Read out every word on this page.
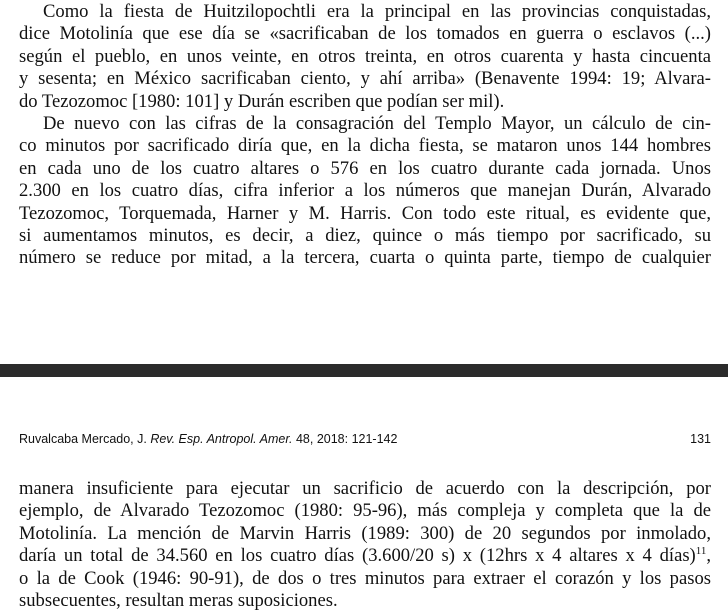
Como la fiesta de Huitzilopochtli era la principal en las provincias conquistadas,
dice Motolinía que ese día se «sacrificaban de los tomados en guerra o esclavos (...)
según el pueblo, en unos veinte, en otros treinta, en otros cuarenta y hasta cincuenta
y sesenta; en México sacrificaban ciento, y ahí arriba» (Benavente 1994: 19; Alvara-
do Tezozomoc [1980: 101] y Durán escriben que podían ser mil).
De nuevo con las cifras de la consagración del Templo Mayor, un cálculo de cin-
co minutos por sacrificado diría que, en la dicha fiesta, se mataron unos 144 hombres
en cada uno de los cuatro altares o 576 en los cuatro durante cada jornada. Unos
2.300 en los cuatro días, cifra inferior a los números que manejan Durán, Alvarado
Tezozomoc, Torquemada, Harner y M. Harris. Con todo este ritual, es evidente que,
si aumentamos minutos, es decir, a diez, quince o más tiempo por sacrificado, su
número se reduce por mitad, a la tercera, cuarta o quinta parte, tiempo de cualquier
Ruvalcaba Mercado, J. Rev. Esp. Antropol. Amer. 48, 2018: 121-142	131
manera insuficiente para ejecutar un sacrificio de acuerdo con la descripción, por
ejemplo, de Alvarado Tezozomoc (1980: 95-96), más compleja y completa que la de
Motolinía. La mención de Marvin Harris (1989: 300) de 20 segundos por inmolado,
daría un total de 34.560 en los cuatro días (3.600/20 s) x (12hrs x 4 altares x 4 días)$^{11}$,
o la de Cook (1946: 90-91), de dos o tres minutos para extraer el corazón y los pasos
subsecuentes, resultan meras suposiciones.
